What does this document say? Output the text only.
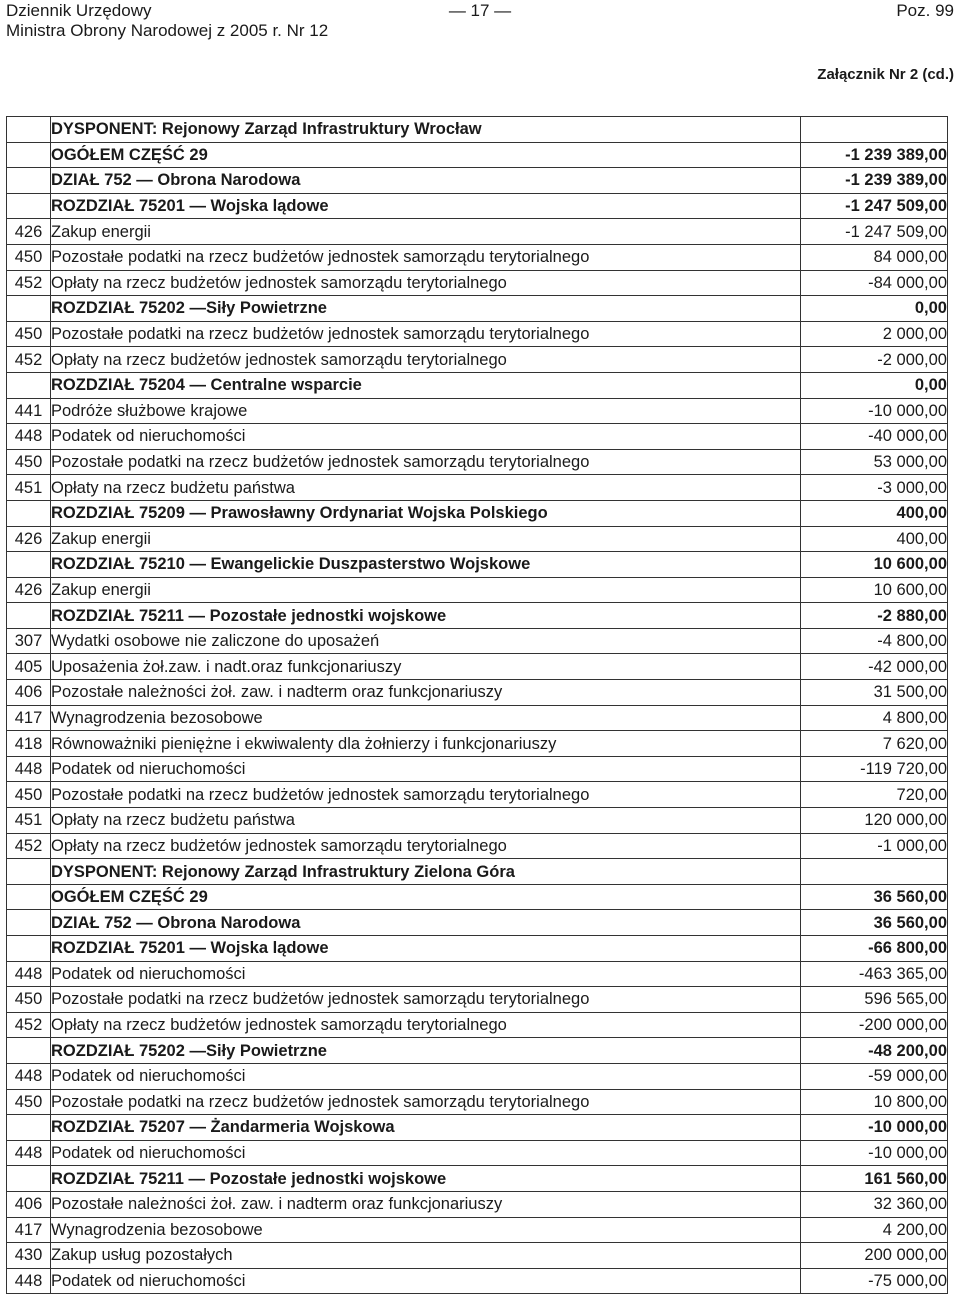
Dziennik Urzędowy
Ministra Obrony Narodowej z 2005 r. Nr 12
— 17 —	Poz. 99
Załącznik Nr 2 (cd.)
	DYSPONENT: Rejonowy Zarząd Infrastruktury Wrocław	
	OGÓŁEM CZĘŚĆ 29	-1 239 389,00
	DZIAŁ 752 — Obrona Narodowa	-1 239 389,00
	ROZDZIAŁ 75201 — Wojska lądowe	-1 247 509,00
426	Zakup energii	-1 247 509,00
450	Pozostałe podatki na rzecz budżetów jednostek samorządu terytorialnego	84 000,00
452	Opłaty na rzecz budżetów jednostek samorządu terytorialnego	-84 000,00
	ROZDZIAŁ 75202 —Siły Powietrzne	0,00
450	Pozostałe podatki na rzecz budżetów jednostek samorządu terytorialnego	2 000,00
452	Opłaty na rzecz budżetów jednostek samorządu terytorialnego	-2 000,00
	ROZDZIAŁ 75204 — Centralne wsparcie	0,00
441	Podróże służbowe krajowe	-10 000,00
448	Podatek od nieruchomości	-40 000,00
450	Pozostałe podatki na rzecz budżetów jednostek samorządu terytorialnego	53 000,00
451	Opłaty na rzecz budżetu państwa	-3 000,00
	ROZDZIAŁ 75209 — Prawosławny Ordynariat Wojska Polskiego	400,00
426	Zakup energii	400,00
	ROZDZIAŁ 75210 — Ewangelickie Duszpasterstwo Wojskowe	10 600,00
426	Zakup energii	10 600,00
	ROZDZIAŁ 75211 — Pozostałe jednostki wojskowe	-2 880,00
307	Wydatki osobowe nie zaliczone do uposażeń	-4 800,00
405	Uposażenia żoł.zaw. i nadt.oraz funkcjonariuszy	-42 000,00
406	Pozostałe należności żoł. zaw. i nadterm oraz funkcjonariuszy	31 500,00
417	Wynagrodzenia bezosobowe	4 800,00
418	Równoważniki pieniężne i ekwiwalenty dla żołnierzy i funkcjonariuszy	7 620,00
448	Podatek od nieruchomości	-119 720,00
450	Pozostałe podatki na rzecz budżetów jednostek samorządu terytorialnego	720,00
451	Opłaty na rzecz budżetu państwa	120 000,00
452	Opłaty na rzecz budżetów jednostek samorządu terytorialnego	-1 000,00
	DYSPONENT: Rejonowy Zarząd Infrastruktury Zielona Góra	
	OGÓŁEM CZĘŚĆ 29	36 560,00
	DZIAŁ 752 — Obrona Narodowa	36 560,00
	ROZDZIAŁ 75201 — Wojska lądowe	-66 800,00
448	Podatek od nieruchomości	-463 365,00
450	Pozostałe podatki na rzecz budżetów jednostek samorządu terytorialnego	596 565,00
452	Opłaty na rzecz budżetów jednostek samorządu terytorialnego	-200 000,00
	ROZDZIAŁ 75202 —Siły Powietrzne	-48 200,00
448	Podatek od nieruchomości	-59 000,00
450	Pozostałe podatki na rzecz budżetów jednostek samorządu terytorialnego	10 800,00
	ROZDZIAŁ 75207 — Żandarmeria Wojskowa	-10 000,00
448	Podatek od nieruchomości	-10 000,00
	ROZDZIAŁ 75211 — Pozostałe jednostki wojskowe	161 560,00
406	Pozostałe należności żoł. zaw. i nadterm oraz funkcjonariuszy	32 360,00
417	Wynagrodzenia bezosobowe	4 200,00
430	Zakup usług pozostałych	200 000,00
448	Podatek od nieruchomości	-75 000,00
